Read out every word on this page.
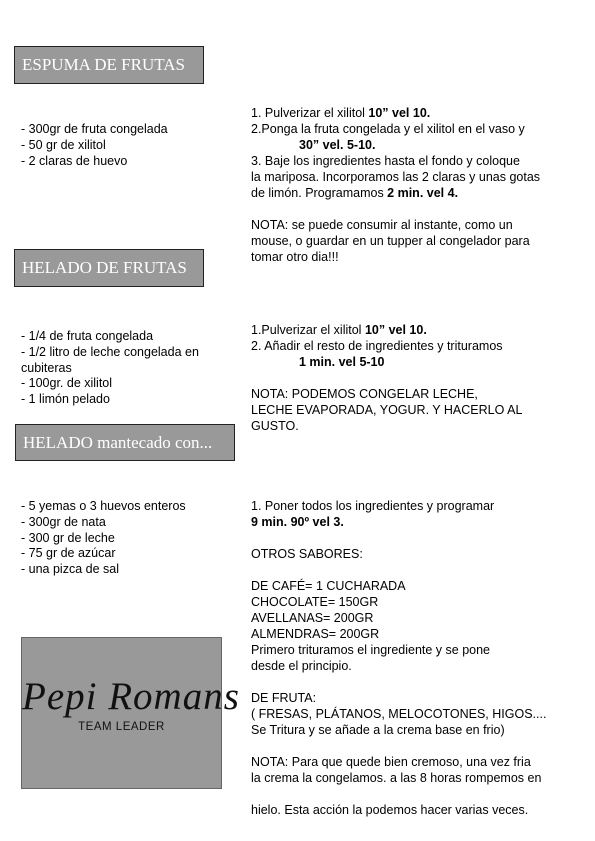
ESPUMA DE FRUTAS
HELADO DE FRUTAS
HELADO mantecado con...
- 300gr de fruta congelada
- 50 gr de xilitol
- 2 claras de huevo
- 1/4 de fruta congelada
- 1/2 litro de leche congelada en
cubiteras
- 100gr. de xilitol
- 1 limón pelado
- 5 yemas o 3 huevos enteros
- 300gr de nata
- 300 gr de leche
- 75 gr de azúcar
- una pizca de sal
1. Pulverizar el xilitol 10” vel 10.
2.Ponga la fruta congelada y el xilitol en el vaso y
30” vel. 5-10.
3. Baje los ingredientes hasta el fondo y coloque
la mariposa. Incorporamos las 2 claras y unas gotas
de limón. Programamos 2 min. vel 4.
NOTA: se puede consumir al instante, como un
mouse, o guardar en un tupper al congelador para
tomar otro dia!!!
1.Pulverizar el xilitol 10” vel 10.
2. Añadir el resto de ingredientes y trituramos
1 min. vel 5-10
NOTA: PODEMOS CONGELAR LECHE,
LECHE EVAPORADA, YOGUR. Y HACERLO AL
GUSTO.
1. Poner todos los ingredientes y programar
9 min. 90º vel 3.
OTROS SABORES:
DE CAFÉ= 1 CUCHARADA
CHOCOLATE= 150GR
AVELLANAS= 200GR
ALMENDRAS= 200GR
Primero trituramos el ingrediente y se pone
desde el principio.
DE FRUTA:
( FRESAS, PLÁTANOS, MELOCOTONES, HIGOS....
Se Tritura y se añade a la crema base en frio)
NOTA: Para que quede bien cremoso, una vez fria
la crema la congelamos. a las 8 horas rompemos en
hielo. Esta acción la podemos hacer varias veces.
Pepi Romans
TEAM LEADER
